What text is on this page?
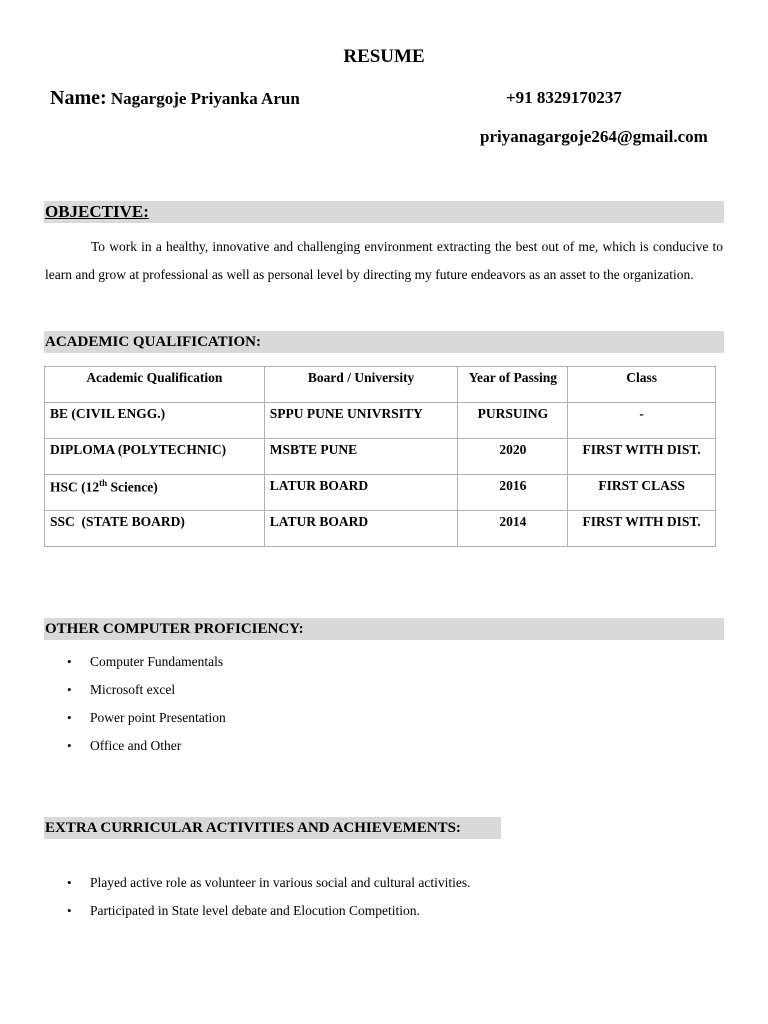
RESUME
Name: Nagargoje Priyanka Arun	+91 8329170237
priyanagargoje264@gmail.com
OBJECTIVE:
To work in a healthy, innovative and challenging environment extracting the best out of me, which is conducive to learn and grow at professional as well as personal level by directing my future endeavors as an asset to the organization.
ACADEMIC QUALIFICATION:
Academic Qualification	Board / University	Year of Passing	Class
BE (CIVIL ENGG.)	SPPU PUNE UNIVRSITY	PURSUING	-
DIPLOMA (POLYTECHNIC)	MSBTE PUNE	2020	FIRST WITH DIST.
HSC (12th Science)	LATUR BOARD	2016	FIRST CLASS
SSC  (STATE BOARD)	LATUR BOARD	2014	FIRST WITH DIST.
OTHER COMPUTER PROFICIENCY:
• Computer Fundamentals
• Microsoft excel
• Power point Presentation
• Office and Other
EXTRA CURRICULAR ACTIVITIES AND ACHIEVEMENTS:
• Played active role as volunteer in various social and cultural activities.
• Participated in State level debate and Elocution Competition.
